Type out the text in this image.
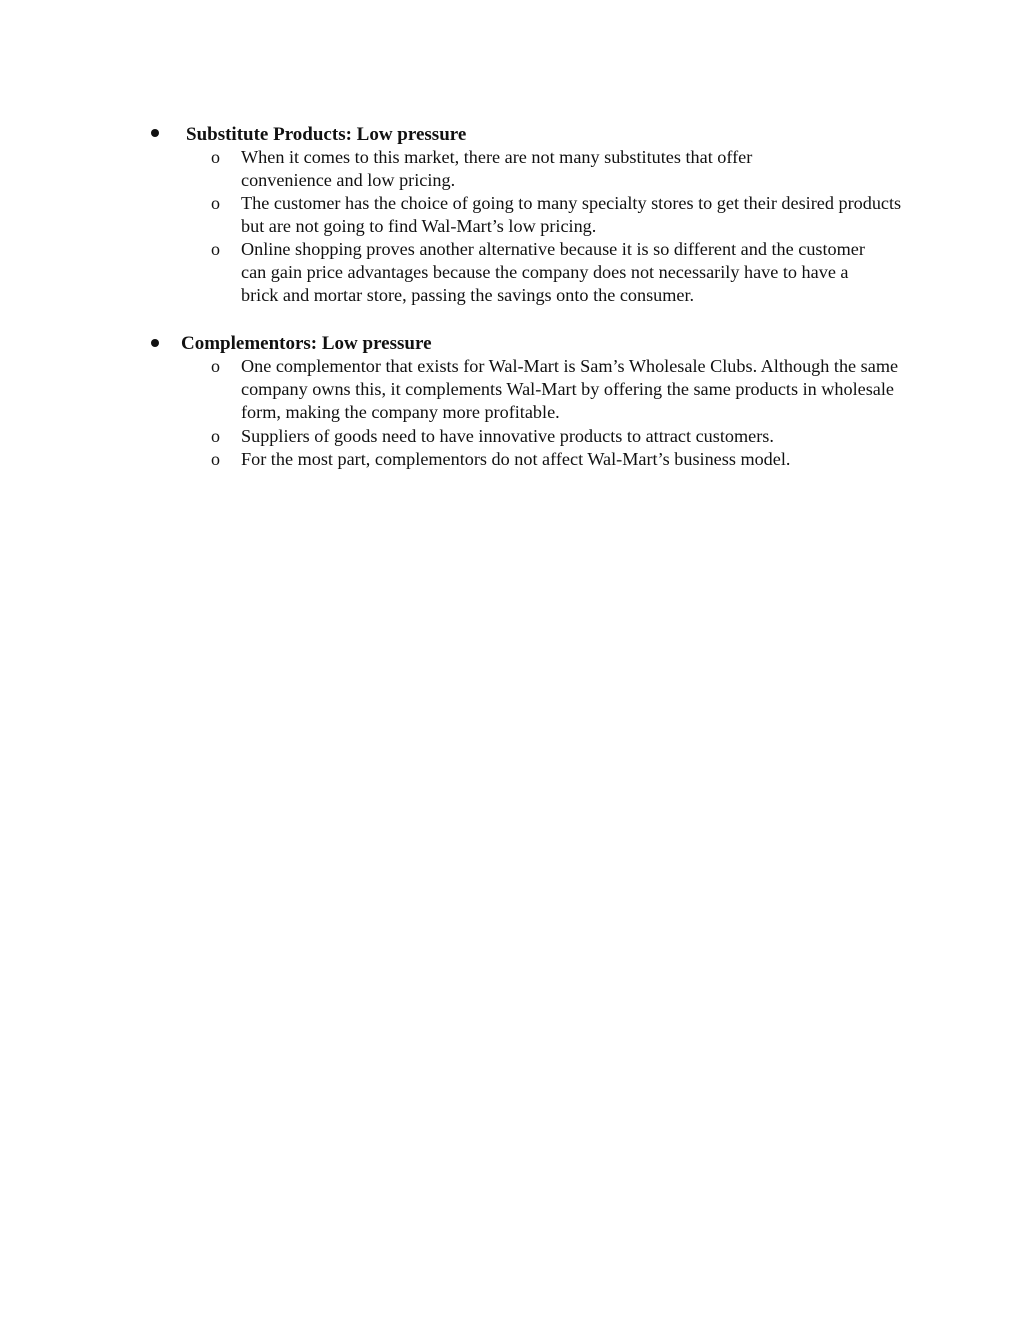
Substitute Products: Low pressure
o When it comes to this market, there are not many substitutes that offer convenience and low pricing.
o The customer has the choice of going to many specialty stores to get their desired products but are not going to find Wal-Mart’s low pricing.
o Online shopping proves another alternative because it is so different and the customer can gain price advantages because the company does not necessarily have to have a brick and mortar store, passing the savings onto the consumer.
Complementors: Low pressure
o One complementor that exists for Wal-Mart is Sam’s Wholesale Clubs. Although the same company owns this, it complements Wal-Mart by offering the same products in wholesale form, making the company more profitable.
o Suppliers of goods need to have innovative products to attract customers.
o For the most part, complementors do not affect Wal-Mart’s business model.
